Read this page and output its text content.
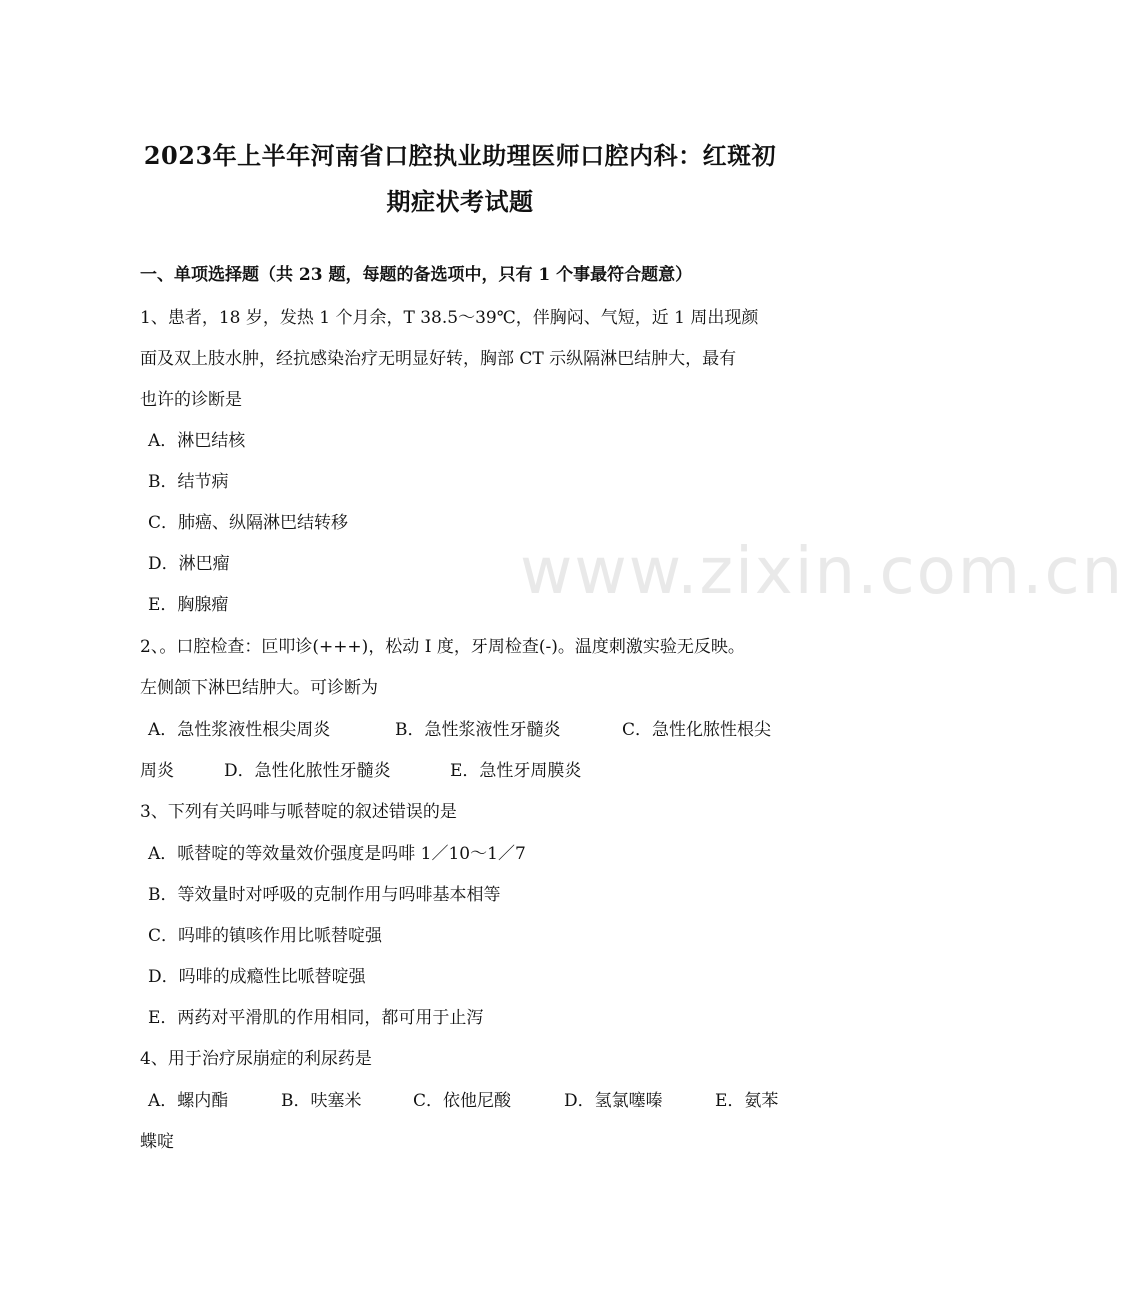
www.zixin.com.cn
2023年上半年河南省口腔执业助理医师口腔内科：红斑初
期症状考试题
一、单项选择题（共 23 题，每题的备选项中，只有 1 个事最符合题意）
1、患者，18 岁，发热 1 个月余，T 38.5～39℃，伴胸闷、气短，近 1 周出现颜
面及双上肢水肿，经抗感染治疗无明显好转，胸部 CT 示纵隔淋巴结肿大，最有
也许的诊断是
A．淋巴结核
B．结节病
C．肺癌、纵隔淋巴结转移
D．淋巴瘤
E．胸腺瘤
2、。口腔检查：叵叩诊(+++)，松动 I 度，牙周检查(-)。温度刺激实验无反映。
左侧颌下淋巴结肿大。可诊断为
A．急性浆液性根尖周炎	B．急性浆液性牙髓炎	C．急性化脓性根尖
周炎	D．急性化脓性牙髓炎	E．急性牙周膜炎
3、下列有关吗啡与哌替啶的叙述错误的是
A．哌替啶的等效量效价强度是吗啡 1／10～1／7
B．等效量时对呼吸的克制作用与吗啡基本相等
C．吗啡的镇咳作用比哌替啶强
D．吗啡的成瘾性比哌替啶强
E．两药对平滑肌的作用相同，都可用于止泻
4、用于治疗尿崩症的利尿药是
A．螺内酯	B．呋塞米	C．依他尼酸	D．氢氯噻嗪	E．氨苯
蝶啶
